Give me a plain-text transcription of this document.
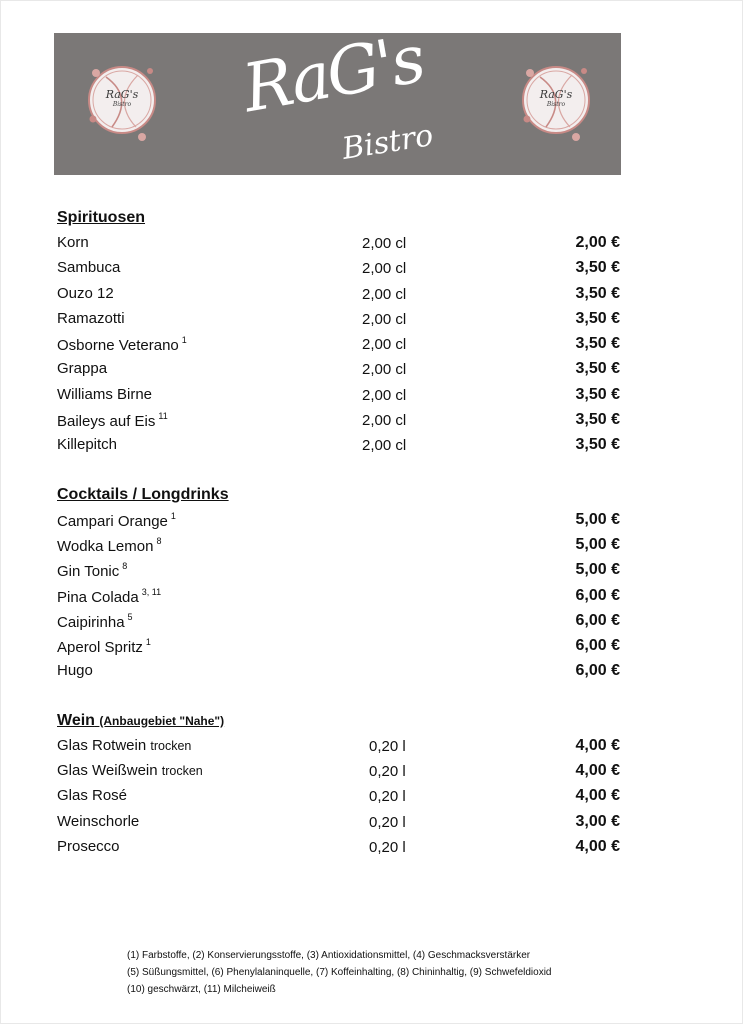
RaG's
Bistro	RaG's
Bistro
RaG's
Bistro
Spirituosen
Korn	2,00 cl	2,00 €
Sambuca	2,00 cl	3,50 €
Ouzo 12	2,00 cl	3,50 €
Ramazotti	2,00 cl	3,50 €
Osborne Veterano $^1$	2,00 cl	3,50 €
Grappa	2,00 cl	3,50 €
Williams Birne	2,00 cl	3,50 €
Baileys auf Eis $^{11}$	2,00 cl	3,50 €
Killepitch	2,00 cl	3,50 €
Cocktails / Longdrinks
Campari Orange $^1$	5,00 €
Wodka Lemon $^8$	5,00 €
Gin Tonic $^8$	5,00 €
Pina Colada $^{3, 11}$	6,00 €
Caipirinha $^5$	6,00 €
Aperol Spritz $^1$	6,00 €
Hugo	6,00 €
Wein (Anbaugebiet "Nahe")
Glas Rotwein trocken	0,20 l	4,00 €
Glas Weißwein trocken	0,20 l	4,00 €
Glas Rosé	0,20 l	4,00 €
Weinschorle	0,20 l	3,00 €
Prosecco	0,20 l	4,00 €
(1) Farbstoffe, (2) Konservierungsstoffe, (3) Antioxidationsmittel, (4) Geschmacksverstärker
(5) Süßungsmittel, (6) Phenylalaninquelle, (7) Koffeinhalting, (8) Chininhaltig, (9) Schwefeldioxid
(10) geschwärzt, (11) Milcheiweiß
